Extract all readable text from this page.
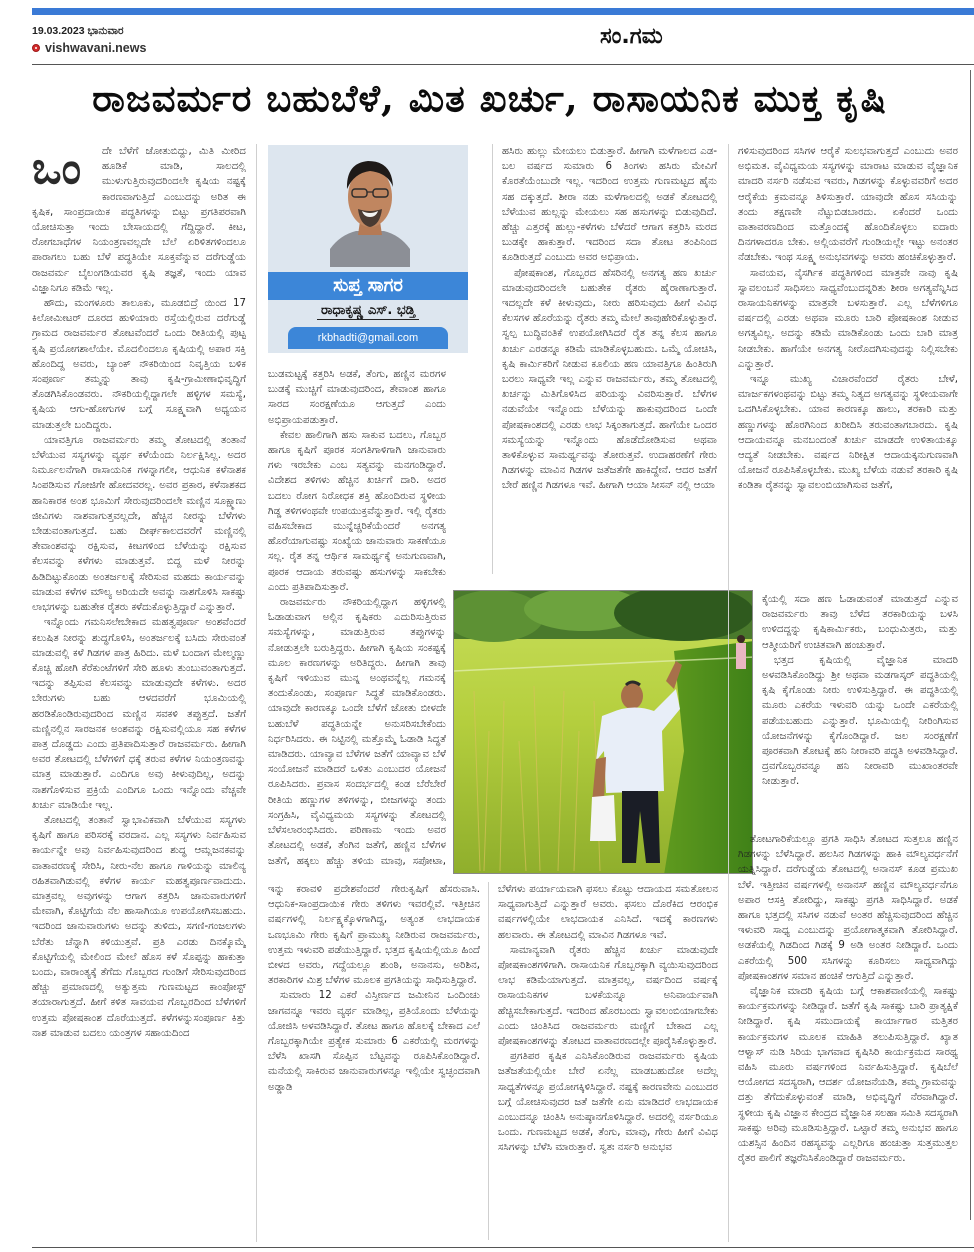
19.03.2023 ಭಾನುವಾರ
vishwavani.news	ಸಂ.ಗಮ
ರಾಜವರ್ಮರ ಬಹುಬೆಳೆ, ಮಿತ ಖರ್ಚು, ರಾಸಾಯನಿಕ ಮುಕ್ತ ಕೃಷಿ
ಒಂ	ದೇ ಬೆಳೆಗೆ ಜೋತುಬಿದ್ದು, ಮಿತಿ ಮೀರಿದ ಹೂಡಿಕೆ ಮಾಡಿ, ಸಾಲದಲ್ಲಿ ಮುಳುಗುತ್ತಿರುವುದರಿಂದಲೇ ಕೃಷಿಯ ನಷ್ಟಕ್ಕೆ ಕಾರಣವಾಗುತ್ತಿದೆ ಎಂಬುದನ್ನು ಅರಿತ ಈ ಕೃಷಿಕ, ಸಾಂಪ್ರದಾಯಿಕ ಪದ್ಧತಿಗಳನ್ನು ಬಿಟ್ಟು ಪ್ರಗತಿಪರವಾಗಿ ಯೋಚಿಸುತ್ತಾ ಇಂದು ಬೇಸಾಯದಲ್ಲಿ ಗೆದ್ದಿದ್ದಾರೆ. ಕೀಟ, ರೋಗಬಾಧೆಗಳ ನಿಯಂತ್ರಣವಲ್ಲದೇ ಬೆಲೆ ಏರಿಳಿತಗಳಿಂದಲೂ ಪಾರಾಗಲು ಬಹು ಬೆಳೆ ಪದ್ಧತಿಯೇ ಸೂಕ್ತವೆನ್ನುವ ದರೆಗುಡ್ಡೆಯ ರಾಜವರ್ಮ ಬೈಲಂಗಡಿಯವರ ಕೃಷಿ ತಜ್ಞತೆ, ಇಂದು ಯಾವ ವಿಜ್ಞಾನಿಗೂ ಕಡಿಮೆ ಇಲ್ಲ.

ಹೌದು, ಮಂಗಳೂರು ತಾಲೂಕು, ಮೂಡಬಿದ್ರೆ ಯಿಂದ 17 ಕಿಲೋಮೀಟರ್ ದೂರದ ಹುಳಿಯಾರು ರಸ್ತೆಯಲ್ಲಿರುವ ದರೆಗುಡ್ಡೆ ಗ್ರಾಮದ ರಾಜವರ್ಮರ ತೋಟವೆಂದರೆ ಒಂದು ರೀತಿಯಲ್ಲಿ ಪುಟ್ಟ ಕೃಷಿ ಪ್ರಯೋಗಶಾಲೆಯೇ. ಮೊದಲಿಂದಲೂ ಕೃಷಿಯಲ್ಲಿ ಅಪಾರ ಸಕ್ತಿ ಹೊಂದಿದ್ದ ಅವರು, ಬ್ಯಾಂಕ್ ನೌಕರಿಯಿಂದ ನಿವೃತ್ತಿಯ ಬಳಿಕ ಸಂಪೂರ್ಣ ತಮ್ಮನ್ನು ತಾವು ಕೃಷಿ-ಗ್ರಾಮೀಣಾಭಿವೃದ್ಧಿಗೆ ತೊಡಗಿಸಿಕೊಂಡವರು. ನೌಕರಿಯಲ್ಲಿದ್ದಾಗಲೇ ಹಳ್ಳಿಗಳ ಸಮಸ್ಯೆ, ಕೃಷಿಯ ಆಗು-ಹೋಗುಗಳ ಬಗ್ಗೆ ಸೂಕ್ಷ್ಮವಾಗಿ ಅಧ್ಯಯನ ಮಾಡುತ್ತಲೇ ಬಂದಿದ್ದರು.

ಯಾವತ್ತಿಗೂ ರಾಜವರ್ಮರು ತಮ್ಮ ತೋಟದಲ್ಲಿ ತಂತಾನೆ ಬೆಳೆಯುವ ಸಸ್ಯಗಳನ್ನು ವ್ಯರ್ಥ ಕಳೆಯೆಂದು ನಿರ್ಲಕ್ಷಿಸಿಲ್ಲ. ಅದರ ನಿರ್ಮೂಲನೆಗಾಗಿ ರಾಸಾಯನಿಕ ಗಳನ್ನಾಗಲೀ, ಆಧುನಿಕ ಕಳೆನಾಶಕ ಸಿಂಪಡಿಸುವ ಗೋಜಿಗೇ ಹೋದವರಲ್ಲ. ಅವರ ಪ್ರಕಾರ, ಕಳೆನಾಶಕದ ಹಾನಿಕಾರಕ ಅಂಶ ಭೂಮಿಗೆ ಸೇರುವುದರಿಂದಲೇ ಮಣ್ಣಿನ ಸೂಕ್ಷ್ಮಾಣು ಜೀವಿಗಳು ನಾಶವಾಗುತ್ತವಲ್ಲದೇ, ಹೆಚ್ಚಿನ ನೀರನ್ನು ಬೆಳೆಗಳು ಬೇಡುವಂತಾಗುತ್ತದೆ. ಬಹು ದೀರ್ಘಕಾಲದವರೆಗೆ ಮಣ್ಣಿನಲ್ಲಿ ತೇವಾಂಶವನ್ನು ರಕ್ಷಿಸುವ, ಕೀಟಗಳಿಂದ ಬೆಳೆಯನ್ನು ರಕ್ಷಿಸುವ ಕೆಲಸವನ್ನು ಕಳೆಗಳು ಮಾಡುತ್ತವೆ. ಬಿದ್ದ ಮಳೆ ನೀರನ್ನು ಹಿಡಿದಿಟ್ಟುಕೊಂಡು ಅಂತರ್ಜಲಕ್ಕೆ ಸೇರಿಸುವ ಮಹದು ಕಾರ್ಯವನ್ನು ಮಾಡುವ ಕಳೆಗಳ ಮೌಲ್ಯ ಅರಿಯದೇ ಅವನ್ನು ನಾಶಗೊಳಿಸಿ ಸಾಕಷ್ಟು ಲಾಭಗಳನ್ನು ಬಹುತೇಕ ರೈತರು ಕಳೆದುಕೊಳ್ಳುತ್ತಿದ್ದಾರೆ ಎನ್ನುತ್ತಾರೆ.

ಇನ್ನೊಂದು ಗಮನಿಸಲೇಬೇಕಾದ ಮಹತ್ವಪೂರ್ಣ ಅಂಶವೆಂದರೆ ಕಲುಷಿತ ನೀರನ್ನು ಶುದ್ಧಗೊಳಿಸಿ, ಅಂತರ್ಜಲಕ್ಕೆ ಬಸಿದು ಸೇರುವಂತೆ ಮಾಡುವಲ್ಲಿ ಕಳೆ ಗಿಡಗಳ ಪಾತ್ರ ಹಿರಿದು. ಮಳೆ ಬಂದಾಗ ಮೇಲ್ಮಣ್ಣು ಕೊಚ್ಚಿ ಹೋಗಿ ಕೆರೆಕುಂಟೆಗಳಿಗೆ ಸೇರಿ ಹೂಳು ತುಂಬುವಂತಾಗುತ್ತದೆ. ಇದನ್ನು ತಪ್ಪಿಸುವ ಕೆಲಸವನ್ನು ಮಾಡುವುದೇ ಕಳೆಗಳು. ಅದರ ಬೇರುಗಳು ಬಹು ಆಳದವರೆಗೆ ಭೂಮಿಯಲ್ಲಿ ಹರಡಿಕೊಂಡಿರುವುದರಿಂದ ಮಣ್ಣಿನ ಸವಕಳಿ ತಪ್ಪುತ್ತದೆ. ಜತೆಗೆ ಮಣ್ಣಿನಲ್ಲಿನ ಸಾರಜನಕ ಅಂಶವನ್ನು ರಕ್ಷಿಸುವಲ್ಲಿಯೂ ಸಹ ಕಳೆಗಳ ಪಾತ್ರ ದೊಡ್ಡದು ಎಂದು ಪ್ರತಿಪಾದಿಸುತ್ತಾರೆ ರಾಜವರ್ಮರು. ಹೀಗಾಗಿ ಅವರ ತೋಟದಲ್ಲಿ ಬೆಳೆಗಳಿಗೆ ಧಕ್ಕೆ ತರುವ ಕಳೆಗಳ ನಿಯಂತ್ರಣವನ್ನು ಮಾತ್ರ ಮಾಡುತ್ತಾರೆ. ಎಂದಿಗೂ ಅವು ಕೀಳುವುದಿಲ್ಲ, ಅದನ್ನು ನಾಶಗೊಳಿಸುವ ಪ್ರಕ್ರಿಯೆ ಎಂದಿಗೂ ಒಂದು ಇನ್ನೊಂದು ವೆಚ್ಚವೇ ಖರ್ಚು ಮಾಡಿಯೇ ಇಲ್ಲ.

ತೋಟದಲ್ಲಿ ತಂತಾನೆ ಸ್ವಾಭಾವಿಕವಾಗಿ ಬೆಳೆಯುವ ಸಸ್ಯಗಳು ಕೃಷಿಗೆ ಹಾಗೂ ಪರಿಸರಕ್ಕೆ ವರದಾನ. ಎಲ್ಲ ಸಸ್ಯಗಳು ನಿರ್ವಹಿಸುವ ಕಾರ್ಯನ್ನೇ ಅವು ನಿರ್ವಹಿಸುವುದರಿಂದ ಶುದ್ಧ ಆಮ್ಲಜನಕವನ್ನು ವಾತಾವರಣಕ್ಕೆ ಸೇರಿಸಿ, ನೀರು-ನೆಲ ಹಾಗೂ ಗಾಳಿಯನ್ನು ಮಾಲಿನ್ಯ ರಹಿತವಾಗಿಡುವಲ್ಲಿ ಕಳೆಗಳ ಕಾರ್ಯ ಮಹತ್ವಪೂರ್ಣವಾದುದು. ಮಾತ್ರವಲ್ಲ ಅವುಗಳನ್ನು ಆಗಾಗ ಕತ್ತರಿಸಿ ಜಾನುವಾರುಗಳಿಗೆ ಮೇವಾಗಿ, ಕೊಟ್ಟಿಗೆಯ ನೆಲ ಹಾಸಾಗಿಯೂ ಉಪಯೋಗಿಸಬಹುದು. ಇದರಿಂದ ಜಾನುವಾರುಗಳು ಅದನ್ನು ತುಳಿದು, ಸಗಣಿ-ಗಂಜಲಗಳು ಬೆರೆತು ಚೆನ್ನಾಗಿ ಕಳಿಯುತ್ತವೆ. ಪ್ರತಿ ಎರಡು ದಿನಕ್ಕೊಮ್ಮೆ ಕೊಟ್ಟಿಗೆಯಲ್ಲಿ ಮೇಲಿಂದ ಮೇಲೆ ಹೊಸ ಕಳೆ ಸೊಪ್ಪನ್ನು ಹಾಕುತ್ತಾ ಬಂದು, ವಾರಾಂತ್ಯಕ್ಕೆ ತೆಗೆದು ಗೊಬ್ಬರದ ಗುಂಡಿಗೆ ಸೇರಿಸುವುದರಿಂದ ಹೆಚ್ಚು ಪ್ರಮಾಣದಲ್ಲಿ ಅತ್ಯುತ್ತಮ ಗುಣಮಟ್ಟದ ಕಾಂಪೋಸ್ಟ್ ತಯಾರಾಗುತ್ತದೆ. ಹೀಗೆ ಕಳಿತ ಸಾವಯವ ಗೊಬ್ಬರದಿಂದ ಬೆಳೆಗಳಿಗೆ ಉತ್ತಮ ಪೋಷಕಾಂಶ ದೊರೆಯುತ್ತದೆ. ಕಳೆಗಳನ್ನುಸಂಪೂರ್ಣ ಕಿತ್ತು ನಾಶ ಮಾಡುವ ಬದಲು ಯಂತ್ರಗಳ ಸಹಾಯದಿಂದ

ಸುಪ್ತ ಸಾಗರ
ರಾಧಾಕೃಷ್ಣ ಎಸ್. ಭಡ್ತಿ
rkbhadti@gmail.com

ಬುಡಮಟ್ಟಕ್ಕೆ ಕತ್ತರಿಸಿ ಅಡಕೆ, ತೆಂಗು, ಹಣ್ಣಿನ ಮರಗಳ ಬುಡಕ್ಕೆ ಮುಚ್ಚಿಗೆ ಮಾಡುವುದರಿಂದ, ತೇವಾಂಶ ಹಾಗೂ ಸಾರದ ಸಂರಕ್ಷಣೆಯೂ ಆಗುತ್ತದೆ ಎಂದು ಅಭಿಪ್ರಾಯಪಡುತ್ತಾರೆ.

ಕೇವಲ ಹಾಲಿಗಾಗಿ ಹಸು ಸಾಕುವ ಬದಲು, ಗೊಬ್ಬರ ಹಾಗೂ ಕೃಷಿಗೆ ಪೂರಕ ಸಂಗತಿಗಾಳಿಗಾಗಿ ಜಾನುವಾರು ಗಳು ಇರಬೇಕು ಎಂಬ ಸತ್ಯವನ್ನು ಮನಗಂಡಿದ್ದಾರೆ. ವಿದೇಶದ ತಳಿಗಳು ಹೆಚ್ಚಿನ ಖರ್ಚಿಗೆ ದಾರಿ. ಅದರ ಬದಲು ರೋಗ ನಿರೋಧಕ ಶಕ್ತಿ ಹೊಂದಿರುವ ಸ್ಥಳೀಯ ಗಿಡ್ಡ ತಳಿಗಳಂಥವೇ ಉಪಯುಕ್ತವೆನ್ನುತ್ತಾರೆ. ಇಲ್ಲಿ ರೈತರು ವಹಿಸಬೇಕಾದ ಮುನ್ನೆಚ್ಚರಿಕೆಯೆಂದರೆ ಅನಗತ್ಯ ಹೊರೆಯಾಗುವಷ್ಟು ಸಂಖ್ಯೆಯ ಜಾನುವಾರು ಸಾಕಣೆಯೂ ಸಲ್ಲ. ರೈತ ತನ್ನ ಆರ್ಥಿಕ ಸಾಮರ್ಥ್ಯಕ್ಕೆ ಅನುಗುಣವಾಗಿ, ಪೂರಕ ಆದಾಯ ತರುವಷ್ಟು ಹಸುಗಳನ್ನು ಸಾಕಬೇಕು ಎಂದು ಪ್ರತಿಪಾದಿಸುತ್ತಾರೆ.

ರಾಜವರ್ಮರು ನೌಕರಿಯಲ್ಲಿದ್ದಾಗ ಹಳ್ಳಿಗಳಲ್ಲಿ ಓಡಾಡುವಾಗ ಅಲ್ಲಿನ ಕೃಷಿಕರು ಎದುರಿಸುತ್ತಿರುವ ಸಮಸ್ಯೆಗಳನ್ನು, ಮಾಡುತ್ತಿರುವ ತಪ್ಪುಗಳನ್ನು ನೋಡುತ್ತಲೇ ಬರುತ್ತಿದ್ದರು. ಹೀಗಾಗಿ ಕೃಷಿಯ ಸಂಕಷ್ಟಕ್ಕೆ ಮೂಲ ಕಾರಣಗಳನ್ನು ಅರಿತಿದ್ದರು. ಹೀಗಾಗಿ ತಾವು ಕೃಷಿಗೆ ಇಳಿಯುವ ಮುನ್ನ ಅಂಥವನ್ನೆಲ್ಲ ಗಮನಕ್ಕೆ ತಂದುಕೊಂಡು, ಸಂಪೂರ್ಣ ಸಿದ್ಧತೆ ಮಾಡಿಕೊಂಡರು. ಯಾವುದೇ ಕಾರಣಕ್ಕೂ ಒಂದೇ ಬೆಳೆಗೆ ಜೋತು ಬೀಳದೇ ಬಹುಬೆಳೆ ಪದ್ಧತಿಯನ್ನೇ ಅನುಸರಿಸಬೇಕೆಂದು ನಿರ್ಧರಿಸಿದರು. ಈ ನಿಟ್ಟಿನಲ್ಲಿ ಮತ್ತೊಮ್ಮೆ ಓಡಾಡಿ ಸಿದ್ಧತೆ ಮಾಡಿದರು. ಯಾವ್ಯಾವ ಬೆಳೆಗಳ ಜತೆಗೆ ಯಾವ್ಯಾವ ಬೆಳೆ ಸಂಯೋಜನೆ ಮಾಡಿದರೆ ಒಳಿತು ಎಂಬುದರ ಯೋಜನೆ ರೂಪಿಸಿದರು. ಪ್ರವಾಸ ಸಂದರ್ಭದಲ್ಲಿ ಕಂಡ ಬೆರೆಬೇರೆ ರೀತಿಯ ಹಣ್ಣುಗಳ ತಳಿಗಳನ್ನು, ಬೀಜಗಳನ್ನು ತಂದು ಸಂಗ್ರಹಿಸಿ, ವೈವಿಧ್ಯಮಯ ಸಸ್ಯಗಳನ್ನು ತೋಟದಲ್ಲಿ ಬೆಳೆಸಲಾರಂಭಿಸಿದರು. ಪರಿಣಾಮ ಇಂದು ಅವರ ತೋಟದಲ್ಲಿ ಅಡಕೆ, ತೆಂಗಿನ ಜತೆಗೆ, ಹಣ್ಣಿನ ಬೆಳೆಗಳ ಜತೆಗೆ, ಹಕ್ಕಲು ಹೆಚ್ಚು ತಳಿಯ ಮಾವು, ಸಪೋಟಾ,

ಇನ್ನು ಕರಾವಳಿ ಪ್ರದೇಶವೆಂದರೆ ಗೇರುಕೃಷಿಗೆ ಹೆಸರುವಾಸಿ. ಆಧುನಿಕ-ಸಾಂಪ್ರದಾಯಿಕ ಗೇರು ತಳಿಗಳು ಇವರಲ್ಲಿವೆ. ಇತ್ತೀಚಿನ ವರ್ಷಗಳಲ್ಲಿ ನಿರ್ಲಕ್ಷ್ಯಕ್ಕೊಳಗಾಗಿದ್ದ, ಅತ್ಯಂತ ಲಾಭದಾಯಕ ಒಣಭೂಮಿ ಗೇರು ಕೃಷಿಗೆ ಪ್ರಾಮುಖ್ಯ ನೀಡಿರುವ ರಾಜವರ್ಮರು, ಉತ್ತಮ ಇಳುವರಿ ಪಡೆಯುತ್ತಿದ್ದಾರೆ. ಭತ್ತದ ಕೃಷಿಯಲ್ಲಿಯೂ ಹಿಂದೆ ಬೀಳದ ಅವರು, ಗದ್ದೆಯಲ್ಲೂ ಶುಂಠಿ, ಅನಾನಸು, ಅರಿಶಿನ, ತರಕಾರಿಗಳ ಮಿಶ್ರ ಬೆಳೆಗಳ ಮೂಲಕ ಪ್ರಗತಿಯನ್ನು ಸಾಧಿಸುತ್ತಿದ್ದಾರೆ.

ಸುಮಾರು 12 ಎಕರೆ ವಿಸ್ತೀರ್ಣದ ಜಮೀನಿನ ಒಂದಿಂಚು ಜಾಗವನ್ನೂ ಇವರು ವ್ಯರ್ಥ ಮಾಡಿಲ್ಲ, ಪ್ರತಿಯೊಂದು ಬೆಳೆಯನ್ನು ಯೋಜಿಸಿ ಅಳವಡಿಸಿದ್ದಾರೆ. ತೋಟ ಹಾಗೂ ಹೊಲಕ್ಕೆ ಬೇಕಾದ ಎಲೆ ಗೊಬ್ಬರಕ್ಕಾಗಿಯೇ ಪ್ರತ್ಯೇಕ ಸುಮಾರು 6 ಎಕರೆಯಲ್ಲಿ ಮರಗಳನ್ನು ಬೆಳೆಸಿ ಖಾಸಗಿ ಸೊಪ್ಪಿನ ಬೆಟ್ಟವನ್ನು ರೂಪಿಸಿಕೊಂಡಿದ್ದಾರೆ. ಮನೆಯಲ್ಲಿ ಸಾಕಿರುವ ಜಾನುವಾರುಗಳನ್ನೂ ಇಲ್ಲಿಯೇ ಸ್ವಚ್ಛಂದವಾಗಿ ಅಡ್ಡಾಡಿ

ಹಸಿರು ಹುಲ್ಲು ಮೇಯಲು ಬಿಡುತ್ತಾರೆ. ಹೀಗಾಗಿ ಮಳೆಗಾಲದ ಎಡ-ಬಲ ವರ್ಷದ ಸುಮಾರು 6 ತಿಂಗಳು ಹಸಿರು ಮೇವಿಗೆ ಕೊರತೆಯೆಂಬುದೇ ಇಲ್ಲ. ಇದರಿಂದ ಉತ್ತಮ ಗುಣಮಟ್ಟದ ಹೈನು ಸಹ ದಕ್ಕುತ್ತದೆ. ಶೀರಾ ನಡು ಮಳೆಗಾಲದಲ್ಲಿ ಅಡಕೆ ತೋಟದಲ್ಲಿ ಬೆಳೆಯುವ ಹುಲ್ಲನ್ನು ಮೇಯಲು ಸಹ ಹಸುಗಳನ್ನು ಬಿಡುವುದಿದೆ. ಹೆಚ್ಚು ಎತ್ತರಕ್ಕೆ ಹುಲ್ಲು-ಕಳೆಗಳು ಬೆಳೆದರೆ ಆಗಾಗ ಕತ್ತರಿಸಿ ಮರದ ಬುಡಕ್ಕೇ ಹಾಕುತ್ತಾರೆ. ಇದರಿಂದ ಸದಾ ತೋಟ ತಂಪಿನಿಂದ ಕೂಡಿರುತ್ತದೆ ಎಂಬುದು ಅವರ ಅಭಿಪ್ರಾಯ.

ಪೋಷಕಾಂಶ, ಗೊಬ್ಬರದ ಹೆಸರಿನಲ್ಲಿ ಅನಗತ್ಯ ಹಣ ಖರ್ಚು ಮಾಡುವುದರಿಂದಲೇ ಬಹುತೇಕ ರೈತರು ಹೈರಾಣಾಗುತ್ತಾರೆ. ಇದಲ್ಲದೇ ಕಳೆ ಕೀಳುವುದು, ನೀರು ಹರಿಸುವುದು ಹೀಗೆ ವಿವಿಧ ಕೆಲಸಗಳ ಹೊರೆಯನ್ನು ರೈತರು ತಮ್ಮ ಮೇಲೆ ತಾವುಹೇರಿಕೊಳ್ಳುತ್ತಾರೆ. ಸ್ವಲ್ಪ ಬುದ್ಧಿವಂತಿಕೆ ಉಪಯೋಗಿಸಿದರೆ ರೈತ ತನ್ನ ಕೆಲಸ ಹಾಗೂ ಖರ್ಚು ಎರಡನ್ನೂ ಕಡಿಮೆ ಮಾಡಿಕೊಳ್ಳಬಹುದು. ಒಮ್ಮೆ ಯೋಚಿಸಿ, ಕೃಷಿ ಕಾರ್ಮಿಕರಿಗೆ ನೀಡುವ ಕೂಲಿಯ ಹಣ ಯಾವತ್ತಿಗೂ ಹಿಂತಿರುಗಿ ಬರಲು ಸಾಧ್ಯವೇ ಇಲ್ಲ ಎನ್ನುವ ರಾಜವರ್ಮರು, ತಮ್ಮ ತೋಟದಲ್ಲಿ ಖರ್ಚನ್ನು ಮಿತಿಗೊಳಿಸಿದ ಪರಿಯನ್ನು ವಿವರಿಸುತ್ತಾರೆ. ಬೆಳೆಗಳ ನಡುವೆಯೇ ಇನ್ನೊಂದು ಬೆಳೆಯನ್ನು ಹಾಕುವುದರಿಂದ ಒಂದೇ ಪೋಷಕಾಂಶದಲ್ಲಿ ಎರಡು ಲಾಭ ಸಿಕ್ಕಂತಾಗುತ್ತದೆ. ಹಾಗೆಯೇ ಒಂದರ ಸಮಸ್ಯೆಯನ್ನು ಇನ್ನೊಂದು ಹೊಡೆದೋಡಿಸುವ ಅಥವಾ ತಾಳಿಕೊಳ್ಳುವ ಸಾಮರ್ಥ್ಯವನ್ನು ತೋರುತ್ತವೆ. ಉದಾಹರಣೆಗೆ ಗೇರು ಗಿಡಗಳನ್ನು ಮಾವಿನ ಗಿಡಗಳ ಜತೆಜತೆಗೇ ಹಾಕಿದ್ದೇನೆ. ಆದರ ಜತೆಗೆ ಬೇರೆ ಹಣ್ಣಿನ ಗಿಡಗಳೂ ಇವೆ. ಹೀಗಾಗಿ ಆಯಾ ಸೀಸನ್ ನಲ್ಲಿ ಆಯಾ

ಬೆಳೆಗಳು ಪರ್ಯಾಯವಾಗಿ ಫಸಲು ಕೊಟ್ಟು ಆದಾಯದ ಸಮತೋಲನ ಸಾಧ್ಯವಾಗುತ್ತಿದೆ ಎನ್ನುತ್ತಾರೆ ಅವರು. ಫಸಲು ದೊರೆಕಿದ ಆರಂಭಿಕ ವರ್ಷಗಳಲ್ಲಿಯೇ ಲಾಭದಾಯಕ ಎನಿಸಿದೆ. ಇದಕ್ಕೆ ಕಾರಣಗಳು ಹಲವಾರು. ಈ ತೋಟದಲ್ಲಿ ಮಾವಿನ ಗಿಡಗಳೂ ಇವೆ.

ಸಾಮಾನ್ಯವಾಗಿ ರೈತರು ಹೆಚ್ಚಿನ ಖರ್ಚು ಮಾಡುವುದೇ ಪೋಷಕಾಂಶಗಳಿಗಾಗಿ. ರಾಸಾಯನಿಕ ಗೊಬ್ಬರಕ್ಕಾಗಿ ವ್ಯಯಿಸುವುದರಿಂದ ಲಾಭ ಕಡಿಮೆಯಾಗುತ್ತದೆ. ಮಾತ್ರವಲ್ಲ, ವರ್ಷದಿಂದ ವರ್ಷಕ್ಕೆ ರಾಸಾಯನಿಕಗಳ ಬಳಕೆಯನ್ನೂ ಅನಿವಾರ್ಯವಾಗಿ ಹೆಚ್ಚಿಸಬೇಕಾಗುತ್ತದೆ. ಇದರಿಂದ ಹೊರಬಂದು ಸ್ವಾವಲಂಬಿಯಾಗಬೇಕು ಎಂದು ಚಿಂತಿಸಿದ ರಾಜವರ್ಮರು ಮಣ್ಣಿಗೆ ಬೇಕಾದ ಎಲ್ಲ ಪೋಷಕಾಂಶಗಳನ್ನು ತೋಟದ ವಾತಾವರಣದಲ್ಲೇ ಪೂರೈಸಿಕೊಳ್ಳುತ್ತಾರೆ.

ಪ್ರಗತಿಪರ ಕೃಷಿಕ ಎನಿಸಿಕೊಂಡಿರುವ ರಾಜವರ್ಮರು ಕೃಷಿಯ ಜತೆಜತೆಯಲ್ಲಿಯೇ ಬೇರೆ ಏನೆಲ್ಲ ಮಾಡಬಹುದೋ ಅದೆಲ್ಲ ಸಾಧ್ಯತೆಗಳನ್ನೂ ಪ್ರಯೋಗಕ್ಕಿಳಿಸಿದ್ದಾರೆ. ನಷ್ಟಕ್ಕೆ ಕಾರಣವೇನು ಎಂಬುದರ ಬಗ್ಗೆ ಯೋಚಿಸುವುದರ ಜತೆ ಜತೆಗೇ ಏನು ಮಾಡಿದರೆ ಲಾಭದಾಯಕ ಎಂಬುದನ್ನೂ ಚಿಂತಿಸಿ ಅನುಷ್ಠಾನಗೊಳಿಸಿದ್ದಾರೆ. ಅದರಲ್ಲಿ ನರ್ಸರಿಯೂ ಒಂದು. ಗುಣಮಟ್ಟದ ಅಡಕೆ, ತೆಂಗು, ಮಾವು, ಗೇರು ಹೀಗೆ ವಿವಿಧ ಸಸಿಗಳನ್ನು ಬೆಳೆಸಿ ಮಾರುತ್ತಾರೆ. ಸ್ವತಃ ನರ್ಸರಿ ಅನುಭವ

ಗಳಿಸುವುದರಿಂದ ಸಸಿಗಳ ಆರೈಕೆ ಸುಲಭವಾಗುತ್ತದೆ ಎಂಬುದು ಅವರ ಅಭಿಮತ. ವೈವಿಧ್ಯಮಯ ಸಸ್ಯಗಳನ್ನು ಮಾರಾಟ ಮಾಡುವ ವೈಜ್ಞಾನಿಕ ಮಾದರಿ ನರ್ಸರಿ ನಡೆಸುವ ಇವರು, ಗಿಡಗಳನ್ನು ಕೊಳ್ಳುವವರಿಗೆ ಅದರ ಆರೈಕೆಯ ಕ್ರಮವನ್ನೂ ತಿಳಿಸುತ್ತಾರೆ. ಯಾವುದೇ ಹೊಸ ಸಸಿಯನ್ನು ತಂದು ತಕ್ಷಣವೇ ನೆಟ್ಟುಬಿಡಬಾರದು. ಏಕೆಂದರೆ ಒಂದು ವಾತಾವರಣದಿಂದ ಮತ್ತೊಂದಕ್ಕೆ ಹೊಂದಿಕೊಳ್ಳಲು ಐದಾರು ದಿನಗಳಾದರೂ ಬೇಕು. ಅಲ್ಲಿಯವರೆಗೆ ಗುಂಡಿಯಲ್ಲೇ ಇಟ್ಟು ಅನಂತರ ನೆಡಬೇಕು. ಇಂಥ ಸೂಕ್ಷ್ಮ ಅನುಭವಗಳನ್ನು ಅವರು ಹಂಚಿಕೊಳ್ಳುತ್ತಾರೆ.

ಸಾವಯವ, ನೈಸರ್ಗಿಕ ಪದ್ಧತಿಗಳಿಂದ ಮಾತ್ರವೇ ನಾವು ಕೃಷಿ ಸ್ವಾವಲಂಬನೆ ಸಾಧಿಸಲು ಸಾಧ್ಯವೆಂಬುದನ್ನರಿತು ಶೀರಾ ಅಗತ್ಯವೆನ್ನಿಸಿದ ರಾಸಾಯನಿಕಗಳನ್ನು ಮಾತ್ರವೇ ಬಳಸುತ್ತಾರೆ. ಎಲ್ಲ ಬೆಳೆಗಳಿಗೂ ವರ್ಷದಲ್ಲಿ ಎರಡು ಅಥವಾ ಮೂರು ಬಾರಿ ಪೋಷಕಾಂಶ ನೀಡುವ ಅಗತ್ಯವಿಲ್ಲ. ಅದನ್ನು ಕಡಿಮೆ ಮಾಡಿಕೊಂಡು ಒಂದು ಬಾರಿ ಮಾತ್ರ ನೀಡಬೇಕು. ಹಾಗೆಯೇ ಅನಗತ್ಯ ನೀರೊದಗಿಸುವುದನ್ನು ನಿಲ್ಲಿಸಬೇಕು ಎನ್ನುತ್ತಾರೆ.

ಇನ್ನೂ ಮುಖ್ಯ ವಿಚಾರವೆಂದರೆ ರೈತರು ಬೇಳೆ, ಮಾರ್ಜಕಗಳಂಥವನ್ನು ಬಿಟ್ಟು ತಮ್ಮ ನಿತ್ಯದ ಅಗತ್ಯವನ್ನು ಸ್ಥಳೀಯವಾಗೇ ಒದಗಿಸಿಕೊಳ್ಳಬೇಕು. ಯಾವ ಕಾರಣಕ್ಕೂ ಹಾಲು, ತರಕಾರಿ ಮತ್ತು ಹಣ್ಣುಗಳನ್ನು ಹೊರಗಿನಿಂದ ಖರೀದಿಸಿ ತರುವಂತಾಗಬಾರದು. ಕೃಷಿ ಆದಾಯವನ್ನೂ ಮನಬಂದಂತೆ ಖರ್ಚು ಮಾಡದೇ ಉಳಿತಾಯಕ್ಕೂ ಆದ್ಯತೆ ನೀಡಬೇಕು. ವರ್ಷದ ನಿರೀಕ್ಷಿತ ಆದಾಯಕ್ಕನುಗುಣವಾಗಿ ಯೋಜನೆ ರೂಪಿಸಿಕೊಳ್ಳಬೇಕು. ಮುಖ್ಯ ಬೆಳೆಯ ನಡುವೆ ತರಕಾರಿ ಕೃಷಿ ಕಂಡಿತಾ ರೈತನನ್ನು ಸ್ವಾವಲಂಬಿಯಾಗಿಸುವ ಜತೆಗೆ,

ಕೈಯಲ್ಲಿ ಸದಾ ಹಣ ಓಡಾಡುವಂತೆ ಮಾಡುತ್ತದೆ ಎನ್ನುವ ರಾಜವರ್ಮರು ತಾವು ಬೆಳೆದ ತರಕಾರಿಯನ್ನು ಬಳಸಿ ಉಳಿದದ್ದನ್ನು ಕೃಷಿಕಾರ್ಮಿಕರು, ಬಂಧುಮಿತ್ರರು, ಮತ್ತು ಆತ್ಮೀಯರಿಗೆ ಉಚಿತವಾಗಿ ಹಂಚುತ್ತಾರೆ.

ಭತ್ತದ ಕೃಷಿಯಲ್ಲಿ ವೈಜ್ಞಾನಿಕ ಮಾದರಿ ಅಳವಡಿಸಿಕೊಂಡಿದ್ದು ಶ್ರೀ ಅಥವಾ ಮಡಗಾಸ್ಕರ್ ಪದ್ಧತಿಯಲ್ಲಿ ಕೃಷಿ ಕೈಗೊಂಡು ನೀರು ಉಳಿಸುತ್ತಿದ್ದಾರೆ. ಈ ಪದ್ಧತಿಯಲ್ಲಿ ಮೂರು ಎಕರೆಯ ಇಳುವರಿ ಯನ್ನು ಒಂದೇ ಎಕರೆಯಲ್ಲಿ ಪಡೆಯಬಹುದು ಎನ್ನುತ್ತಾರೆ. ಭೂಮಿಯಲ್ಲಿ ನೀರಿಂಗಿಸುವ ಯೋಜನೆಗಳನ್ನು ಕೈಗೊಂಡಿದ್ದಾರೆ. ಜಲ ಸಂರಕ್ಷಣೆಗೆ ಪೂರಕವಾಗಿ ತೋಟಕ್ಕೆ ಹನಿ ನೀರಾವರಿ ಪದ್ಧತಿ ಅಳವಡಿಸಿದ್ದಾರೆ. ದ್ರವಗೊಬ್ಬರವನ್ನೂ ಹನಿ ನೀರಾವರಿ ಮುಖಾಂತರವೇ ನೀಡುತ್ತಾರೆ.

ತೋಟಗಾರಿಕೆಯಲ್ಲೂ ಪ್ರಗತಿ ಸಾಧಿಸಿ ತೋಟದ ಸುತ್ತಲೂ ಹಣ್ಣಿನ ಗಿಡಗಳನ್ನು ಬೆಳೆಸಿದ್ದಾರೆ. ಹಲಸಿನ ಗಿಡಗಳನ್ನು ಹಾಕಿ ಮೌಲ್ಯವರ್ಧನೆಗೆ ಯತ್ನಿಸಿದ್ದಾರೆ. ದರೆಗುಡ್ಡೆಯ ತೋಟದಲ್ಲಿ ಅನಾನಸ್ ಕೂಡ ಪ್ರಮುಖ ಬೆಳೆ. ಇತ್ತೀಚಿನ ವರ್ಷಗಳಲ್ಲಿ ಅನಾನಸ್ ಹಣ್ಣಿನ ಮೌಲ್ಯವರ್ಧನೆಗೂ ಅಪಾರ ಆಸಕ್ತಿ ತೋರಿದ್ದು, ಸಾಕಷ್ಟು ಪ್ರಗತಿ ಸಾಧಿಸಿದ್ದಾರೆ. ಅಡಕೆ ಹಾಗೂ ಭತ್ತದಲ್ಲಿ ಸಸಿಗಳ ನಡುವೆ ಅಂತರ ಹೆಚ್ಚಿಸುವುದರಿಂದ ಹೆಚ್ಚಿನ ಇಳುವರಿ ಸಾಧ್ಯ ಎಂಬುದನ್ನು ಪ್ರಯೋಗಾತ್ಮಕವಾಗಿ ತೋರಿಸಿದ್ದಾರೆ. ಅಡಕೆಯಲ್ಲಿ ಗಿಡದಿಂದ ಗಿಡಕ್ಕೆ 9 ಅಡಿ ಅಂತರ ನೀಡಿದ್ದಾರೆ. ಒಂದು ಎಕರೆಯಲ್ಲಿ 500 ಸಸಿಗಳನ್ನು ಕೂರಿಸಲು ಸಾಧ್ಯವಾಗಿದ್ದು ಪೋಷಕಾಂಶಗಳ ಸಮಾನ ಹಂಚಿಕೆ ಆಗುತ್ತಿದೆ ಎನ್ನುತ್ತಾರೆ.

ವೈಜ್ಞಾನಿಕ ಮಾದರಿ ಕೃಷಿಯ ಬಗ್ಗೆ ಆಕಾಶವಾಣಿಯಲ್ಲಿ ಸಾಕಷ್ಟು ಕಾರ್ಯಕ್ರಮಗಳನ್ನು ನೀಡಿದ್ದಾರೆ. ಜತೆಗೆ ಕೃಷಿ ಸಾಕಷ್ಟು ಬಾರಿ ಪ್ರಾತ್ಯಕ್ಷಿಕೆ ನೀಡಿದ್ದಾರೆ. ಕೃಷಿ ಸಮುದಾಯಕ್ಕೆ ಕಾರ್ಯಾಗಾರ ಮತ್ತಿತರ ಕಾರ್ಯಕ್ರಮಗಳ ಮೂಲಕ ಮಾಹಿತಿ ತಲುಪಿಸುತ್ತಿದ್ದಾರೆ. ಖ್ಯಾತ ಆಳ್ವಾಸ್ ನುಡಿ ಸಿರಿಯ ಭಾಗವಾದ ಕೃಷಿಸಿರಿ ಕಾರ್ಯಕ್ರಮದ ಸಾರಥ್ಯ ವಹಿಸಿ ಮೂರು ವರ್ಷಗಳಿಂದ ನಿರ್ವಹಿಸುತ್ತಿದ್ದಾರೆ. ಕೃಷಿಬೆಲೆ ಆಯೋಗದ ಸದಸ್ಯರಾಗಿ, ಆದರ್ಶ ಯೋಜನೆಯಡಿ, ತಮ್ಮ ಗ್ರಾಮವನ್ನು ದತ್ತು ತೆಗೆದುಕೊಳ್ಳುವಂತೆ ಮಾಡಿ, ಅಭಿವೃದ್ಧಿಗೆ ನೆರವಾಗಿದ್ದಾರೆ. ಸ್ಥಳೀಯ ಕೃಷಿ ವಿಜ್ಞಾನ ಕೇಂದ್ರದ ವೈಜ್ಞಾನಿಕ ಸಲಹಾ ಸಮಿತಿ ಸದಸ್ಯರಾಗಿ ಸಾಕಷ್ಟು ಅರಿವು ಮೂಡಿಸುತ್ತಿದ್ದಾರೆ. ಒಟ್ಟಾರೆ ತಮ್ಮ ಅನುಭವ ಹಾಗೂ ಯಶಸ್ಸಿನ ಹಿಂದಿನ ರಹಸ್ಯವನ್ನು ಎಲ್ಲರಿಗೂ ಹಂಚುತ್ತಾ ಸುತ್ತಮುತ್ತಲ ರೈತರ ಪಾಲಿಗೆ ತಜ್ಞರೆನಿಸಿಕೊಂಡಿದ್ದಾರೆ ರಾಜವರ್ಮರು.
